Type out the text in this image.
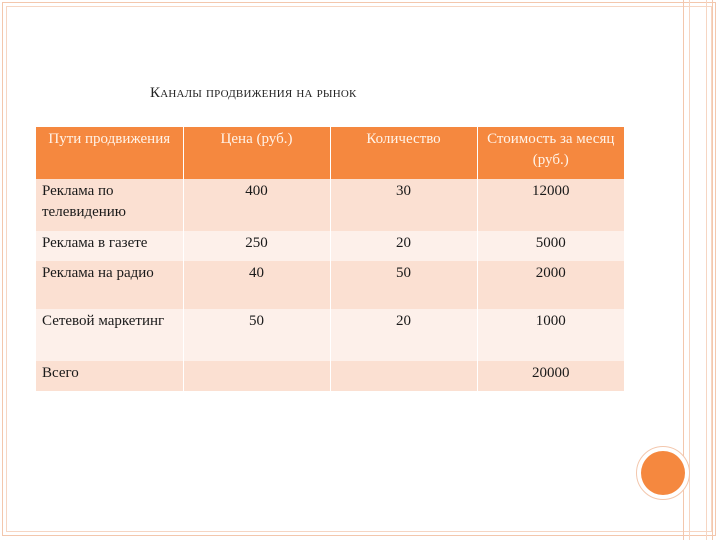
Каналы продвижения на рынок
Пути продвижения	Цена (руб.)	Количество	Стоимость за месяц (руб.)
Реклама по телевидению	400	30	12000
Реклама в газете	250	20	5000
Реклама на радио	40	50	2000
Сетевой маркетинг	50	20	1000
Всего			20000
